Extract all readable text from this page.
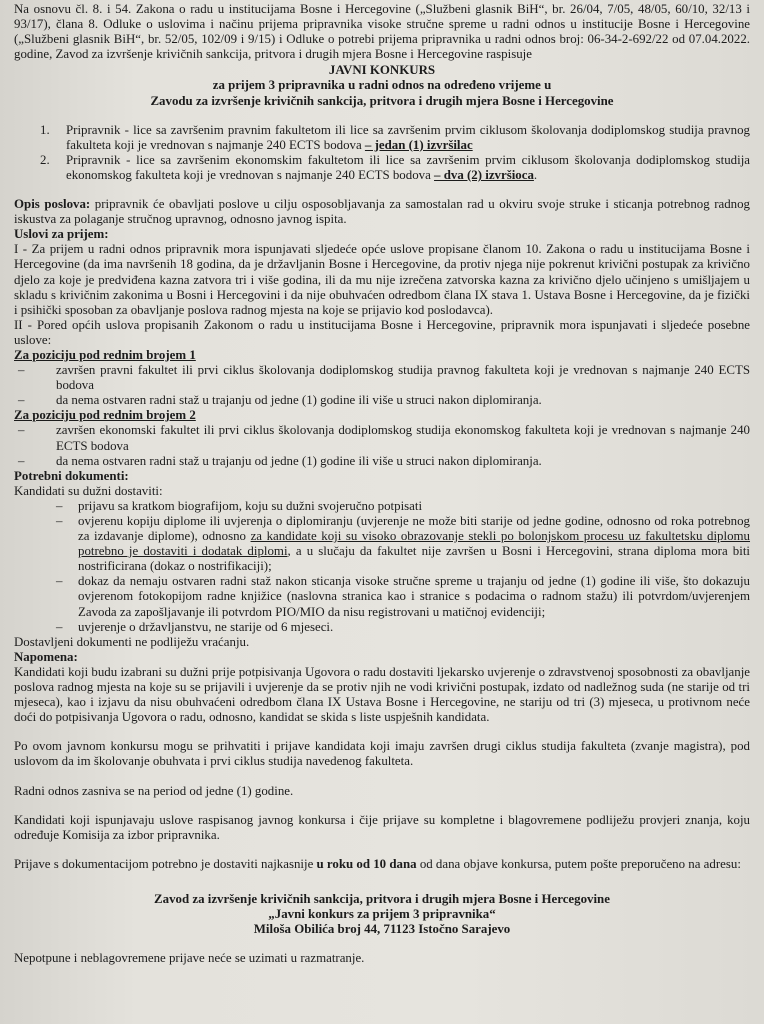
Na osnovu čl. 8. i 54. Zakona o radu u institucijama Bosne i Hercegovine („Službeni glasnik BiH“, br. 26/04, 7/05, 48/05, 60/10, 32/13 i 93/17), člana 8. Odluke o uslovima i načinu prijema pripravnika visoke stručne spreme u radni odnos u institucije Bosne i Hercegovine („Službeni glasnik BiH“, br. 52/05, 102/09 i 9/15) i Odluke o potrebi prijema pripravnika u radni odnos broj: 06-34-2-692/22 od 07.04.2022. godine, Zavod za izvršenje krivičnih sankcija, pritvora i drugih mjera Bosne i Hercegovine raspisuje

JAVNI KONKURS

za prijem 3 pripravnika u radni odnos na određeno vrijeme u

Zavodu za izvršenje krivičnih sankcija, pritvora i drugih mjera Bosne i Hercegovine

1. Pripravnik - lice sa završenim pravnim fakultetom ili lice sa završenim prvim ciklusom školovanja dodiplomskog studija pravnog fakulteta koji je vrednovan s najmanje 240 ECTS bodova – jedan (1) izvršilac
2. Pripravnik - lice sa završenim ekonomskim fakultetom ili lice sa završenim prvim ciklusom školovanja dodiplomskog studija ekonomskog fakulteta koji je vrednovan s najmanje 240 ECTS bodova – dva (2) izvršioca.

Opis poslova: pripravnik će obavljati poslove u cilju osposobljavanja za samostalan rad u okviru svoje struke i sticanja potrebnog radnog iskustva za polaganje stručnog upravnog, odnosno javnog ispita.

Uslovi za prijem:

I - Za prijem u radni odnos pripravnik mora ispunjavati sljedeće opće uslove propisane članom 10. Zakona o radu u institucijama Bosne i Hercegovine (da ima navršenih 18 godina, da je državljanin Bosne i Hercegovine, da protiv njega nije pokrenut krivični postupak za krivično djelo za koje je predviđena kazna zatvora tri i više godina, ili da mu nije izrečena zatvorska kazna za krivično djelo učinjeno s umišljajem u skladu s krivičnim zakonima u Bosni i Hercegovini i da nije obuhvaćen odredbom člana IX stava 1. Ustava Bosne i Hercegovine, da je fizički i psihički sposoban za obavljanje poslova radnog mjesta na koje se prijavio kod poslodavca).

II - Pored općih uslova propisanih Zakonom o radu u institucijama Bosne i Hercegovine, pripravnik mora ispunjavati i sljedeće posebne uslove:

Za poziciju pod rednim brojem 1

– završen pravni fakultet ili prvi ciklus školovanja dodiplomskog studija pravnog fakulteta koji je vrednovan s najmanje 240 ECTS bodova
– da nema ostvaren radni staž u trajanju od jedne (1) godine ili više u struci nakon diplomiranja.

Za poziciju pod rednim brojem 2

– završen ekonomski fakultet ili prvi ciklus školovanja dodiplomskog studija ekonomskog fakulteta koji je vrednovan s najmanje 240 ECTS bodova
– da nema ostvaren radni staž u trajanju od jedne (1) godine ili više u struci nakon diplomiranja.

Potrebni dokumenti:

Kandidati su dužni dostaviti:

– prijavu sa kratkom biografijom, koju su dužni svojeručno potpisati
– ovjerenu kopiju diplome ili uvjerenja o diplomiranju (uvjerenje ne može biti starije od jedne godine, odnosno od roka potrebnog za izdavanje diplome), odnosno za kandidate koji su visoko obrazovanje stekli po bolonjskom procesu uz fakultetsku diplomu potrebno je dostaviti i dodatak diplomi, a u slučaju da fakultet nije završen u Bosni i Hercegovini, strana diploma mora biti nostrificirana (dokaz o nostrifikaciji);
– dokaz da nemaju ostvaren radni staž nakon sticanja visoke stručne spreme u trajanju od jedne (1) godine ili više, što dokazuju ovjerenom fotokopijom radne knjižice (naslovna stranica kao i stranice s podacima o radnom stažu) ili potvrdom/uvjerenjem Zavoda za zapošljavanje ili potvrdom PIO/MIO da nisu registrovani u matičnoj evidenciji;
– uvjerenje o državljanstvu, ne starije od 6 mjeseci.

Dostavljeni dokumenti ne podliježu vraćanju.

Napomena:

Kandidati koji budu izabrani su dužni prije potpisivanja Ugovora o radu dostaviti ljekarsko uvjerenje o zdravstvenoj sposobnosti za obavljanje poslova radnog mjesta na koje su se prijavili i uvjerenje da se protiv njih ne vodi krivični postupak, izdato od nadležnog suda (ne starije od tri mjeseca), kao i izjavu da nisu obuhvaćeni odredbom člana IX Ustava Bosne i Hercegovine, ne stariju od tri (3) mjeseca, u protivnom neće doći do potpisivanja Ugovora o radu, odnosno, kandidat se skida s liste uspješnih kandidata.

Po ovom javnom konkursu mogu se prihvatiti i prijave kandidata koji imaju završen drugi ciklus studija fakulteta (zvanje magistra), pod uslovom da im školovanje obuhvata i prvi ciklus studija navedenog fakulteta.

Radni odnos zasniva se na period od jedne (1) godine.

Kandidati koji ispunjavaju uslove raspisanog javnog konkursa i čije prijave su kompletne i blagovremene podliježu provjeri znanja, koju određuje Komisija za izbor pripravnika.

Prijave s dokumentacijom potrebno je dostaviti najkasnije u roku od 10 dana od dana objave konkursa, putem pošte preporučeno na adresu:

Zavod za izvršenje krivičnih sankcija, pritvora i drugih mjera Bosne i Hercegovine

„Javni konkurs za prijem 3 pripravnika“

Miloša Obilića broj 44, 71123 Istočno Sarajevo

Nepotpune i neblagovremene prijave neće se uzimati u razmatranje.
